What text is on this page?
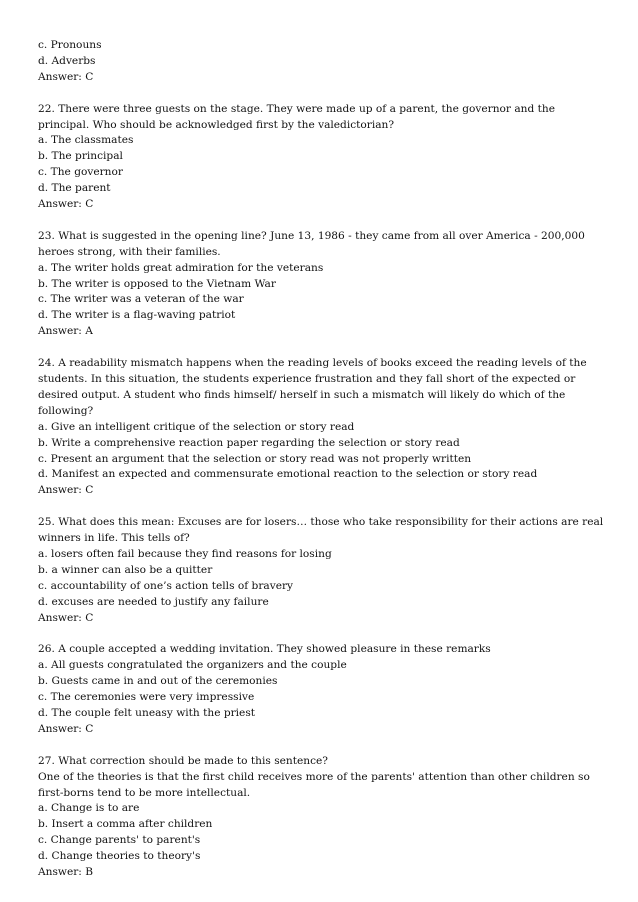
c. Pronouns
d. Adverbs
Answer: C
22. There were three guests on the stage. They were made up of a parent, the governor and the principal. Who should be acknowledged first by the valedictorian?
a. The classmates
b. The principal
c. The governor
d. The parent
Answer: C
23. What is suggested in the opening line? June 13, 1986 - they came from all over America - 200,000 heroes strong, with their families.
a. The writer holds great admiration for the veterans
b. The writer is opposed to the Vietnam War
c. The writer was a veteran of the war
d. The writer is a flag-waving patriot
Answer: A
24. A readability mismatch happens when the reading levels of books exceed the reading levels of the students. In this situation, the students experience frustration and they fall short of the expected or desired output. A student who finds himself/ herself in such a mismatch will likely do which of the following?
a. Give an intelligent critique of the selection or story read
b. Write a comprehensive reaction paper regarding the selection or story read
c. Present an argument that the selection or story read was not properly written
d. Manifest an expected and commensurate emotional reaction to the selection or story read
Answer: C
25. What does this mean: Excuses are for losers… those who take responsibility for their actions are real winners in life. This tells of?
a. losers often fail because they find reasons for losing
b. a winner can also be a quitter
c. accountability of one’s action tells of bravery
d. excuses are needed to justify any failure
Answer: C
26. A couple accepted a wedding invitation. They showed pleasure in these remarks
a. All guests congratulated the organizers and the couple
b. Guests came in and out of the ceremonies
c. The ceremonies were very impressive
d. The couple felt uneasy with the priest
Answer: C
27. What correction should be made to this sentence?
One of the theories is that the first child receives more of the parents' attention than other children so first-borns tend to be more intellectual.
a. Change is to are
b. Insert a comma after children
c. Change parents' to parent's
d. Change theories to theory's
Answer: B
